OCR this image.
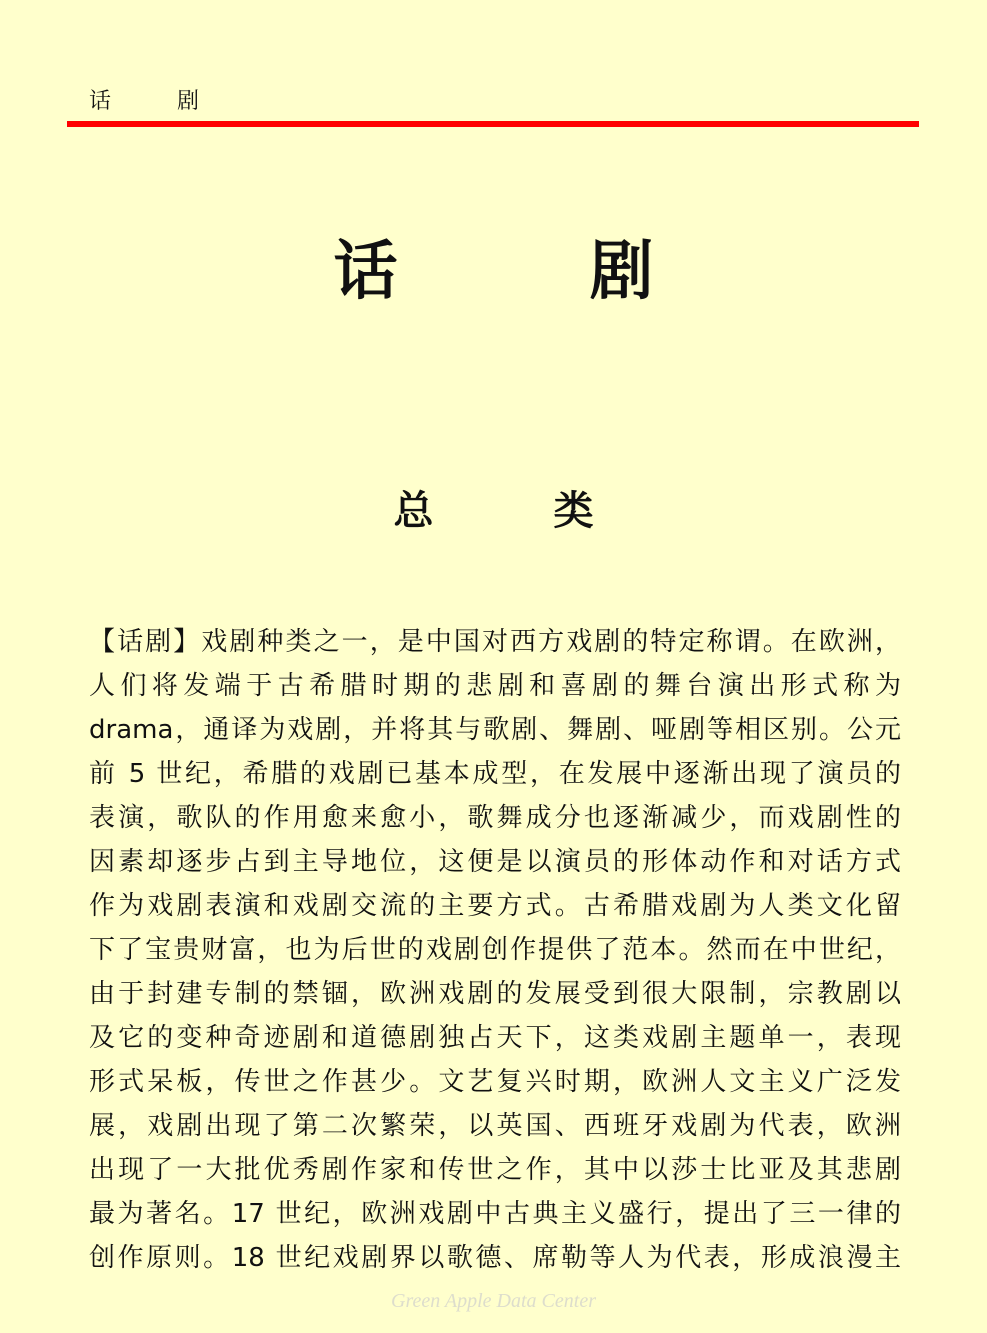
话　　　剧
话　　　剧
总　　　类
【话剧】戏剧种类之一，是中国对西方戏剧的特定称谓。在欧洲，
人们将发端于古希腊时期的悲剧和喜剧的舞台演出形式称为
drama，通译为戏剧，并将其与歌剧、舞剧、哑剧等相区别。公元
前 5 世纪，希腊的戏剧已基本成型，在发展中逐渐出现了演员的
表演，歌队的作用愈来愈小，歌舞成分也逐渐减少，而戏剧性的
因素却逐步占到主导地位，这便是以演员的形体动作和对话方式
作为戏剧表演和戏剧交流的主要方式。古希腊戏剧为人类文化留
下了宝贵财富，也为后世的戏剧创作提供了范本。然而在中世纪，
由于封建专制的禁锢，欧洲戏剧的发展受到很大限制，宗教剧以
及它的变种奇迹剧和道德剧独占天下，这类戏剧主题单一，表现
形式呆板，传世之作甚少。文艺复兴时期，欧洲人文主义广泛发
展，戏剧出现了第二次繁荣，以英国、西班牙戏剧为代表，欧洲
出现了一大批优秀剧作家和传世之作，其中以莎士比亚及其悲剧
最为著名。17 世纪，欧洲戏剧中古典主义盛行，提出了三一律的
创作原则。18 世纪戏剧界以歌德、席勒等人为代表，形成浪漫主
Green Apple Data Center
